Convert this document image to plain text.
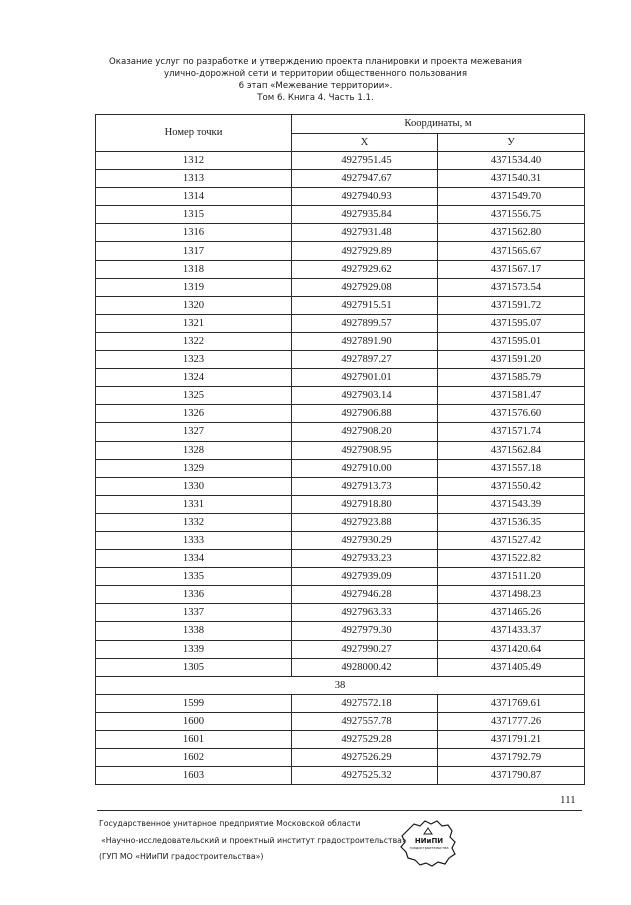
Оказание услуг по разработке и утверждению проекта планировки и проекта межевания
улично-дорожной сети и территории общественного пользования
6 этап «Межевание территории».
Том 6. Книга 4. Часть 1.1.
Номер точки	Координаты, м	
	X	У
1312	4927951.45	4371534.40
1313	4927947.67	4371540.31
1314	4927940.93	4371549.70
1315	4927935.84	4371556.75
1316	4927931.48	4371562.80
1317	4927929.89	4371565.67
1318	4927929.62	4371567.17
1319	4927929.08	4371573.54
1320	4927915.51	4371591.72
1321	4927899.57	4371595.07
1322	4927891.90	4371595.01
1323	4927897.27	4371591.20
1324	4927901.01	4371585.79
1325	4927903.14	4371581.47
1326	4927906.88	4371576.60
1327	4927908.20	4371571.74
1328	4927908.95	4371562.84
1329	4927910.00	4371557.18
1330	4927913.73	4371550.42
1331	4927918.80	4371543.39
1332	4927923.88	4371536.35
1333	4927930.29	4371527.42
1334	4927933.23	4371522.82
1335	4927939.09	4371511.20
1336	4927946.28	4371498.23
1337	4927963.33	4371465.26
1338	4927979.30	4371433.37
1339	4927990.27	4371420.64
1305	4928000.42	4371405.49
38		
1599	4927572.18	4371769.61
1600	4927557.78	4371777.26
1601	4927529.28	4371791.21
1602	4927526.29	4371792.79
1603	4927525.32	4371790.87
111
Государственное унитарное предприятие Московской области
«Научно-исследовательский и проектный институт градостроительства»
(ГУП МО «НИиПИ градостроительства»)
НИиПИ
градостроительства
